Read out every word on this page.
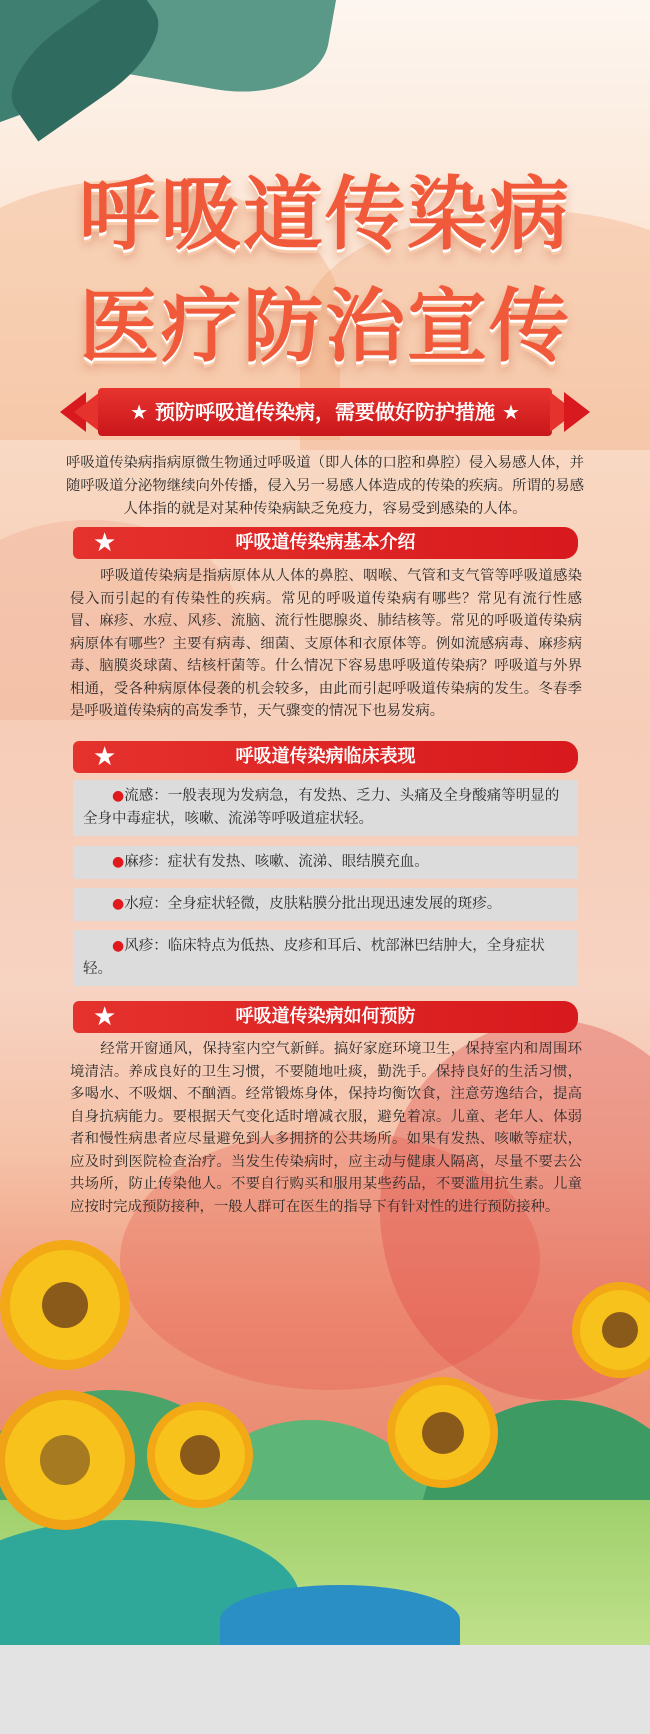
呼吸道传染病
医疗防治宣传
★ 预防呼吸道传染病，需要做好防护措施 ★
呼吸道传染病指病原微生物通过呼吸道（即人体的口腔和鼻腔）侵入易感人体，并随呼吸道分泌物继续向外传播，侵入另一易感人体造成的传染的疾病。所谓的易感人体指的就是对某种传染病缺乏免疫力，容易受到感染的人体。
★	呼吸道传染病基本介绍
呼吸道传染病是指病原体从人体的鼻腔、咽喉、气管和支气管等呼吸道感染侵入而引起的有传染性的疾病。常见的呼吸道传染病有哪些？常见有流行性感冒、麻疹、水痘、风疹、流脑、流行性腮腺炎、肺结核等。常见的呼吸道传染病病原体有哪些？主要有病毒、细菌、支原体和衣原体等。例如流感病毒、麻疹病毒、脑膜炎球菌、结核杆菌等。什么情况下容易患呼吸道传染病？呼吸道与外界相通，受各种病原体侵袭的机会较多，由此而引起呼吸道传染病的发生。冬春季是呼吸道传染病的高发季节，天气骤变的情况下也易发病。
★	呼吸道传染病临床表现
●流感：一般表现为发病急，有发热、乏力、头痛及全身酸痛等明显的全身中毒症状，咳嗽、流涕等呼吸道症状轻。
●麻疹：症状有发热、咳嗽、流涕、眼结膜充血。
●水痘：全身症状轻微，皮肤粘膜分批出现迅速发展的斑疹。
●风疹：临床特点为低热、皮疹和耳后、枕部淋巴结肿大，全身症状轻。
★	呼吸道传染病如何预防
经常开窗通风，保持室内空气新鲜。搞好家庭环境卫生，保持室内和周围环境清洁。养成良好的卫生习惯，不要随地吐痰，勤洗手。保持良好的生活习惯，多喝水、不吸烟、不酗酒。经常锻炼身体，保持均衡饮食，注意劳逸结合，提高自身抗病能力。要根据天气变化适时增减衣服，避免着凉。儿童、老年人、体弱者和慢性病患者应尽量避免到人多拥挤的公共场所。如果有发热、咳嗽等症状，应及时到医院检查治疗。当发生传染病时，应主动与健康人隔离，尽量不要去公共场所，防止传染他人。不要自行购买和服用某些药品，不要滥用抗生素。儿童应按时完成预防接种，一般人群可在医生的指导下有针对性的进行预防接种。
